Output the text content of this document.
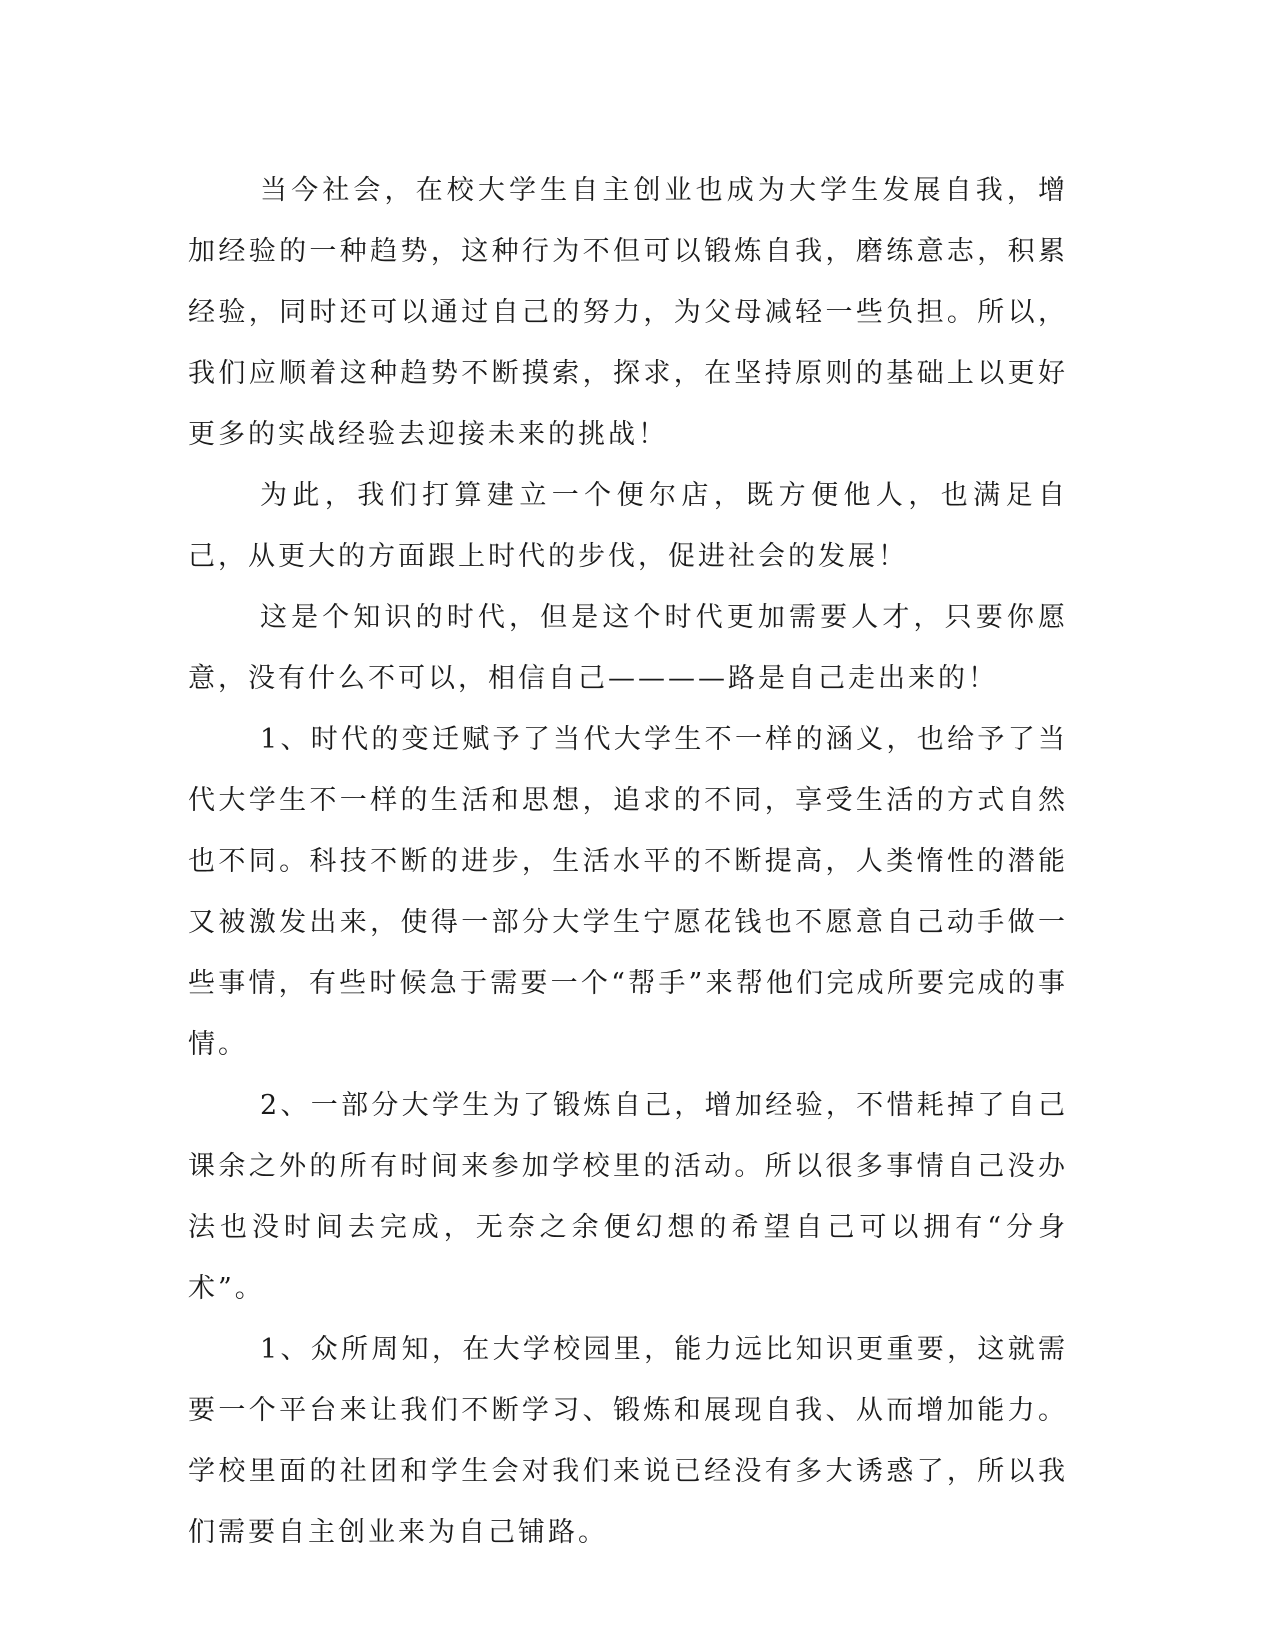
当今社会，在校大学生自主创业也成为大学生发展自我，增加经验的一种趋势，这种行为不但可以锻炼自我，磨练意志，积累经验，同时还可以通过自己的努力，为父母减轻一些负担。所以，我们应顺着这种趋势不断摸索，探求，在坚持原则的基础上以更好更多的实战经验去迎接未来的挑战！

为此，我们打算建立一个便尔店，既方便他人，也满足自己，从更大的方面跟上时代的步伐，促进社会的发展！

这是个知识的时代，但是这个时代更加需要人才，只要你愿意，没有什么不可以，相信自己————路是自己走出来的！

1、时代的变迁赋予了当代大学生不一样的涵义，也给予了当代大学生不一样的生活和思想，追求的不同，享受生活的方式自然也不同。科技不断的进步，生活水平的不断提高，人类惰性的潜能又被激发出来，使得一部分大学生宁愿花钱也不愿意自己动手做一些事情，有些时候急于需要一个“帮手”来帮他们完成所要完成的事情。

2、一部分大学生为了锻炼自己，增加经验，不惜耗掉了自己课余之外的所有时间来参加学校里的活动。所以很多事情自己没办法也没时间去完成，无奈之余便幻想的希望自己可以拥有“分身术”。

1、众所周知，在大学校园里，能力远比知识更重要，这就需要一个平台来让我们不断学习、锻炼和展现自我、从而增加能力。学校里面的社团和学生会对我们来说已经没有多大诱惑了，所以我们需要自主创业来为自己铺路。
